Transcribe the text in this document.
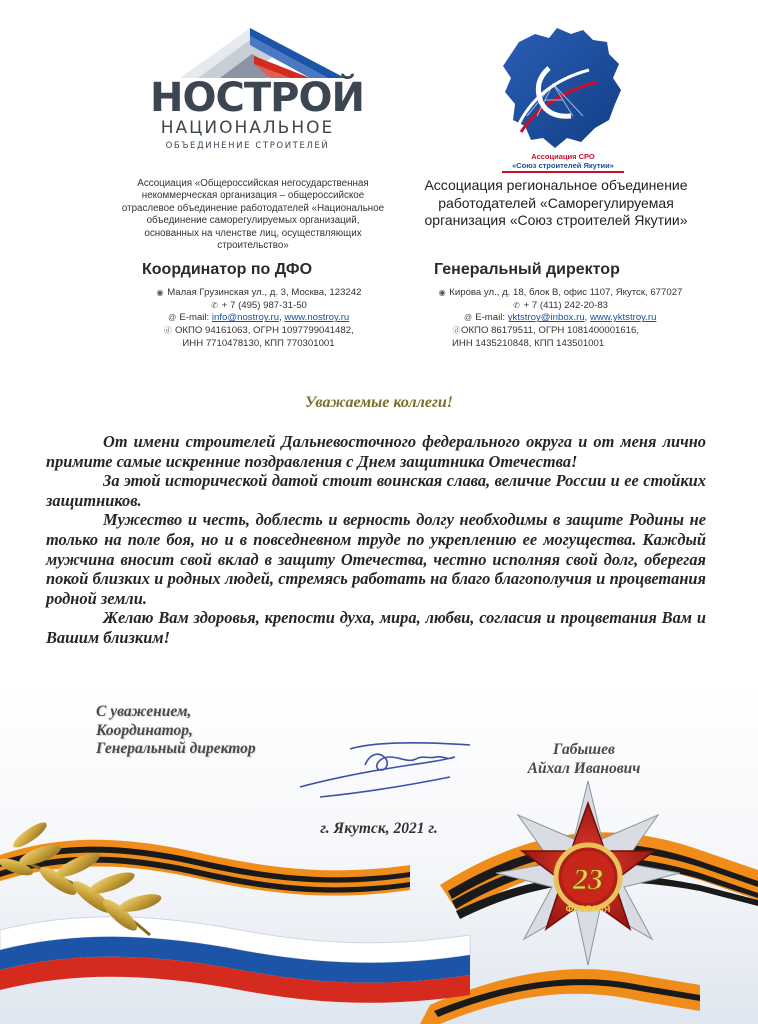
НОСТРОЙ
НАЦИОНАЛЬНОЕ
ОБЪЕДИНЕНИЕ СТРОИТЕЛЕЙ
Ассоциация СРО
«Союз строителей Якутии»
Ассоциация «Общероссийская негосударственная некоммерческая организация – общероссийское отраслевое объединение работодателей «Национальное объединение саморегулируемых организаций, основанных на членстве лиц, осуществляющих строительство»
Ассоциация региональное объединение работодателей «Саморегулируемая организация «Союз строителей Якутии»
Координатор по ДФО	Генеральный директор
◉ Малая Грузинская ул., д. 3, Москва, 123242
✆ + 7 (495) 987-31-50
@ E-mail: info@nostroy.ru, www.nostroy.ru
ⓓ ОКПО 94161063, ОГРН 1097799041482,
ИНН 7710478130, КПП 770301001
◉ Кирова ул., д. 18, блок В, офис 1107, Якутск, 677027
✆ + 7 (411) 242-20-83
@ E-mail: yktstroy@inbox.ru, www.yktstroy.ru
ⓓОКПО 86179511, ОГРН 1081400001616,
ИНН 1435210848, КПП 143501001
Уважаемые коллеги!

От имени строителей Дальневосточного федерального округа и от меня лично примите самые искренние поздравления с Днем защитника Отечества!

За этой исторической датой стоит воинская слава, величие России и ее стойких защитников.

Мужество и честь, доблесть и верность долгу необходимы в защите Родины не только на поле боя, но и в повседневном труде по укреплению ее могущества. Каждый мужчина вносит свой вклад в защиту Отечества, честно исполняя свой долг, оберегая покой близких и родных людей, стремясь работать на благо благополучия и процветания родной земли.

Желаю Вам здоровья, крепости духа, мира, любви, согласия и процветания Вам и Вашим близким!

23
ФЕВРАЛЯ
С уважением,
Координатор,
Генеральный директор	Габышев
Айхал Иванович
г. Якутск, 2021 г.
